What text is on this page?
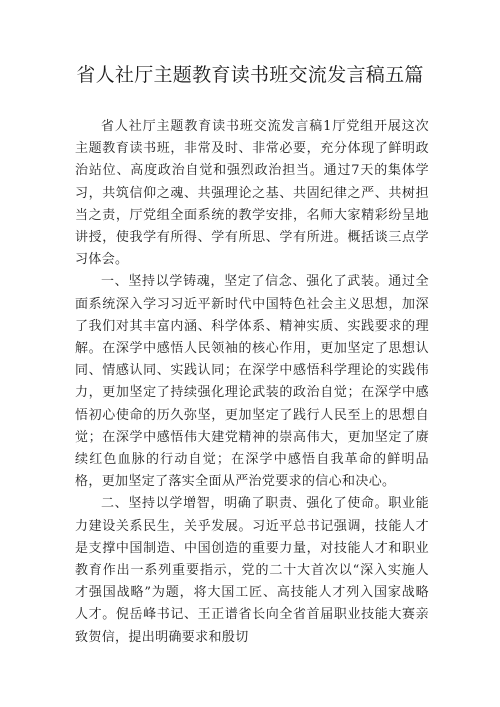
省人社厅主题教育读书班交流发言稿五篇

省人社厅主题教育读书班交流发言稿1厅党组开展这次主题教育读书班，非常及时、非常必要，充分体现了鲜明政治站位、高度政治自觉和强烈政治担当。通过7天的集体学习，共筑信仰之魂、共强理论之基、共固纪律之严、共树担当之责，厅党组全面系统的教学安排，名师大家精彩纷呈地讲授，使我学有所得、学有所思、学有所进。概括谈三点学习体会。

一、坚持以学铸魂，坚定了信念、强化了武装。通过全面系统深入学习习近平新时代中国特色社会主义思想，加深了我们对其丰富内涵、科学体系、精神实质、实践要求的理解。在深学中感悟人民领袖的核心作用，更加坚定了思想认同、情感认同、实践认同；在深学中感悟科学理论的实践伟力，更加坚定了持续强化理论武装的政治自觉；在深学中感悟初心使命的历久弥坚，更加坚定了践行人民至上的思想自觉；在深学中感悟伟大建党精神的崇高伟大，更加坚定了赓续红色血脉的行动自觉；在深学中感悟自我革命的鲜明品格，更加坚定了落实全面从严治党要求的信心和决心。

二、坚持以学增智，明确了职责、强化了使命。职业能力建设关系民生，关乎发展。习近平总书记强调，技能人才是支撑中国制造、中国创造的重要力量，对技能人才和职业教育作出一系列重要指示，党的二十大首次以“深入实施人才强国战略”为题，将大国工匠、高技能人才列入国家战略人才。倪岳峰书记、王正谱省长向全省首届职业技能大赛亲致贺信，提出明确要求和殷切
